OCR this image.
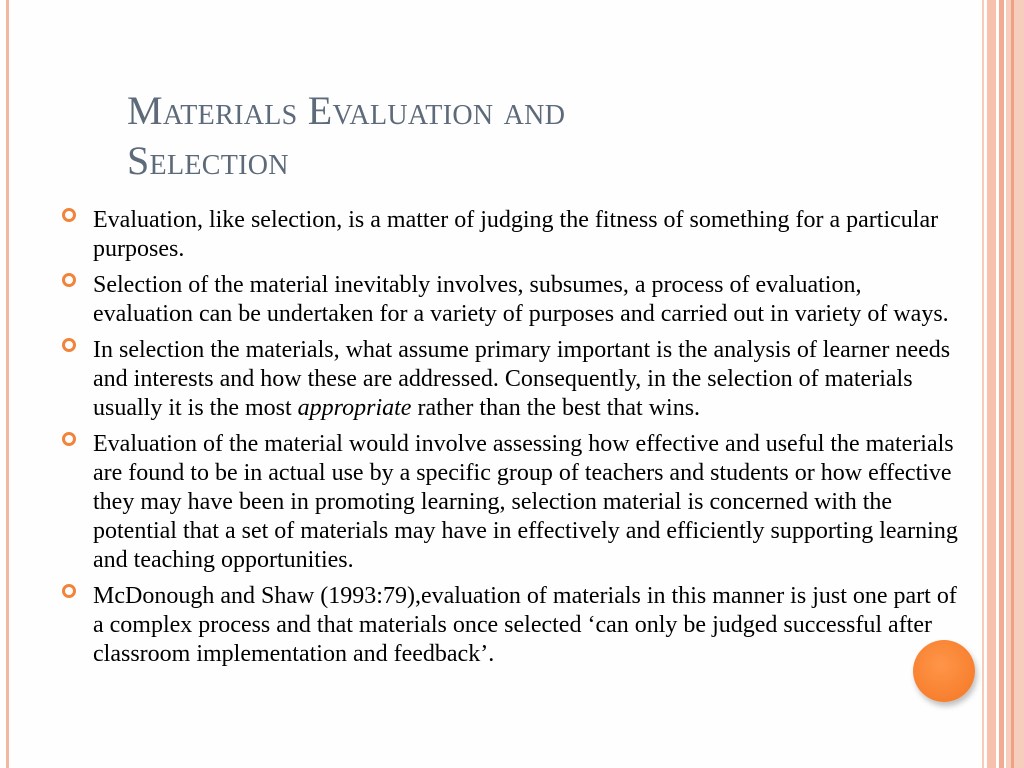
Materials Evaluation and
Selection
Evaluation, like selection, is a matter of judging the fitness of something for a particular purposes.
Selection of the material inevitably involves, subsumes, a process of evaluation, evaluation can be undertaken for a variety of purposes and carried out in variety of ways.
In selection the materials, what assume primary important is the analysis of learner needs and interests and how these are addressed. Consequently, in the selection of materials usually it is the most appropriate rather than the best that wins.
Evaluation of the material would involve assessing how effective and useful the materials are found to be in actual use by a specific group of teachers and students or how effective they may have been in promoting learning, selection material is concerned with the potential that a set of materials may have in effectively and efficiently supporting learning and teaching opportunities.
McDonough and Shaw (1993:79),evaluation of materials in this manner is just one part of a complex process and that materials once selected ‘can only be judged successful after classroom implementation and feedback’.
